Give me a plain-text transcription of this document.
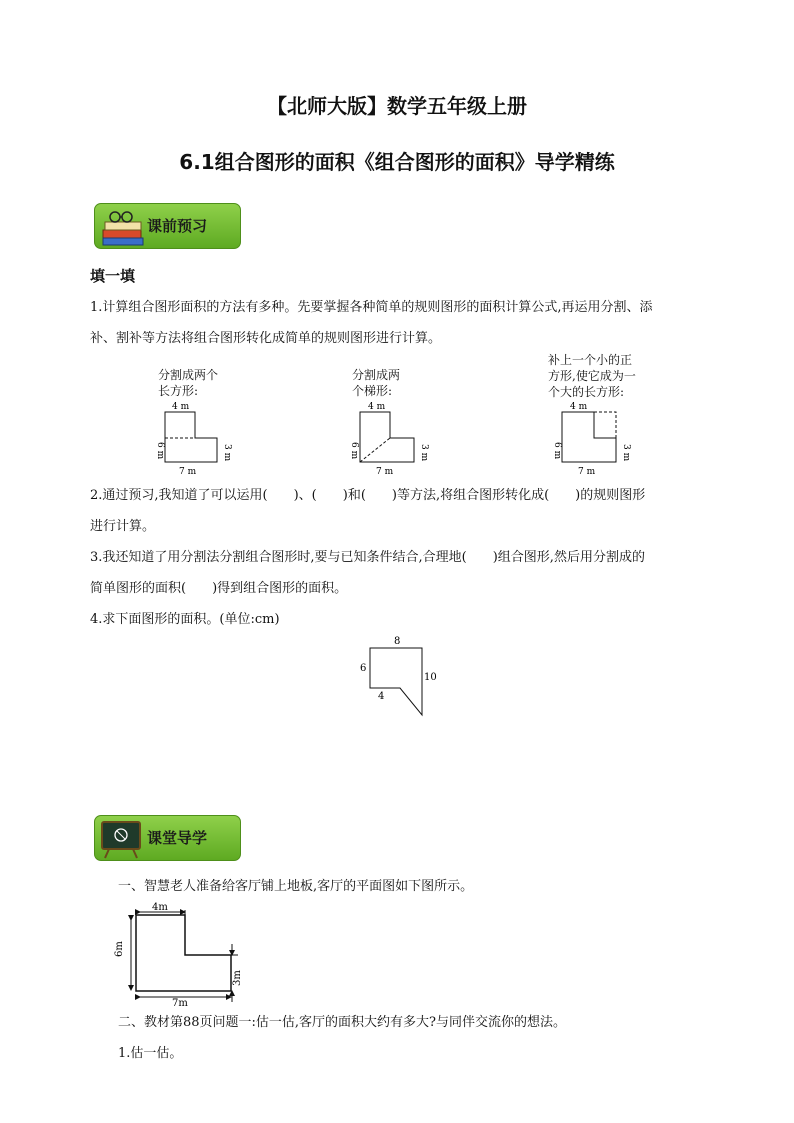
【北师大版】数学五年级上册
6.1组合图形的面积《组合图形的面积》导学精练
课前预习
填一填
1.计算组合图形面积的方法有多种。先要掌握各种简单的规则图形的面积计算公式,再运用分割、添
补、割补等方法将组合图形转化成简单的规则图形进行计算。
分割成两个
长方形:
4 m
6 m	3 m
7 m
分割成两
个梯形:
4 m
6 m	3 m
7 m
补上一个小的正
方形,使它成为一
个大的长方形:
4 m
6 m	3 m
7 m
2.通过预习,我知道了可以运用(　　)、(　　)和(　　)等方法,将组合图形转化成(　　)的规则图形
进行计算。
3.我还知道了用分割法分割组合图形时,要与已知条件结合,合理地(　　)组合图形,然后用分割成的
简单图形的面积(　　)得到组合图形的面积。
4.求下面图形的面积。(单位:cm)
8
6
10
4
课堂导学
一、智慧老人准备给客厅铺上地板,客厅的平面图如下图所示。
4m
6m
3m
7m
二、教材第88页问题一:估一估,客厅的面积大约有多大?与同伴交流你的想法。
1.估一估。
